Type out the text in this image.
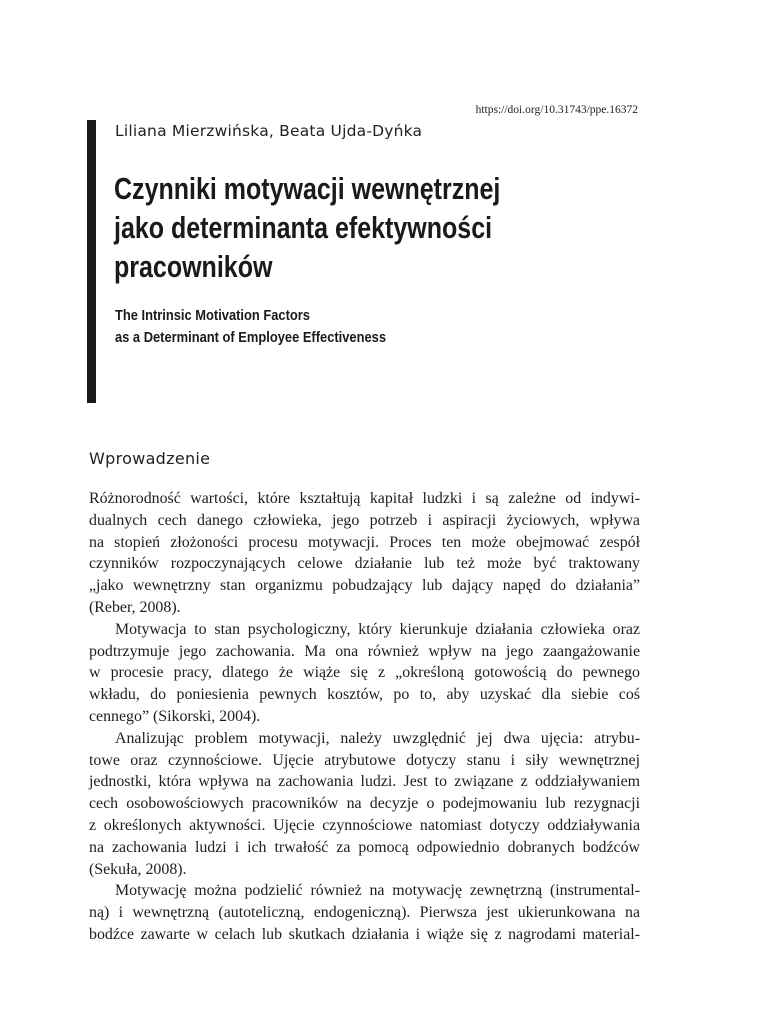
https://doi.org/10.31743/ppe.16372
Liliana Mierzwińska, Beata Ujda-Dyńka
Czynniki motywacji wewnętrznej
jako determinanta efektywności
pracowników
The Intrinsic Motivation Factors
as a Determinant of Employee Effectiveness
Wprowadzenie
Różnorodność wartości, które kształtują kapitał ludzki i są zależne od indywi-
dualnych cech danego człowieka, jego potrzeb i aspiracji życiowych, wpływa
na stopień złożoności procesu motywacji. Proces ten może obejmować zespół
czynników rozpoczynających celowe działanie lub też może być traktowany
„jako wewnętrzny stan organizmu pobudzający lub dający napęd do działania”
(Reber, 2008).
Motywacja to stan psychologiczny, który kierunkuje działania człowieka oraz
podtrzymuje jego zachowania. Ma ona również wpływ na jego zaangażowanie
w procesie pracy, dlatego że wiąże się z „określoną gotowością do pewnego
wkładu, do poniesienia pewnych kosztów, po to, aby uzyskać dla siebie coś
cennego” (Sikorski, 2004).
Analizując problem motywacji, należy uwzględnić jej dwa ujęcia: atrybu-
towe oraz czynnościowe. Ujęcie atrybutowe dotyczy stanu i siły wewnętrznej
jednostki, która wpływa na zachowania ludzi. Jest to związane z oddziaływaniem
cech osobowościowych pracowników na decyzje o podejmowaniu lub rezygnacji
z określonych aktywności. Ujęcie czynnościowe natomiast dotyczy oddziaływania
na zachowania ludzi i ich trwałość za pomocą odpowiednio dobranych bodźców
(Sekuła, 2008).
Motywację można podzielić również na motywację zewnętrzną (instrumental-
ną) i wewnętrzną (autoteliczną, endogeniczną). Pierwsza jest ukierunkowana na
bodźce zawarte w celach lub skutkach działania i wiąże się z nagrodami material-
